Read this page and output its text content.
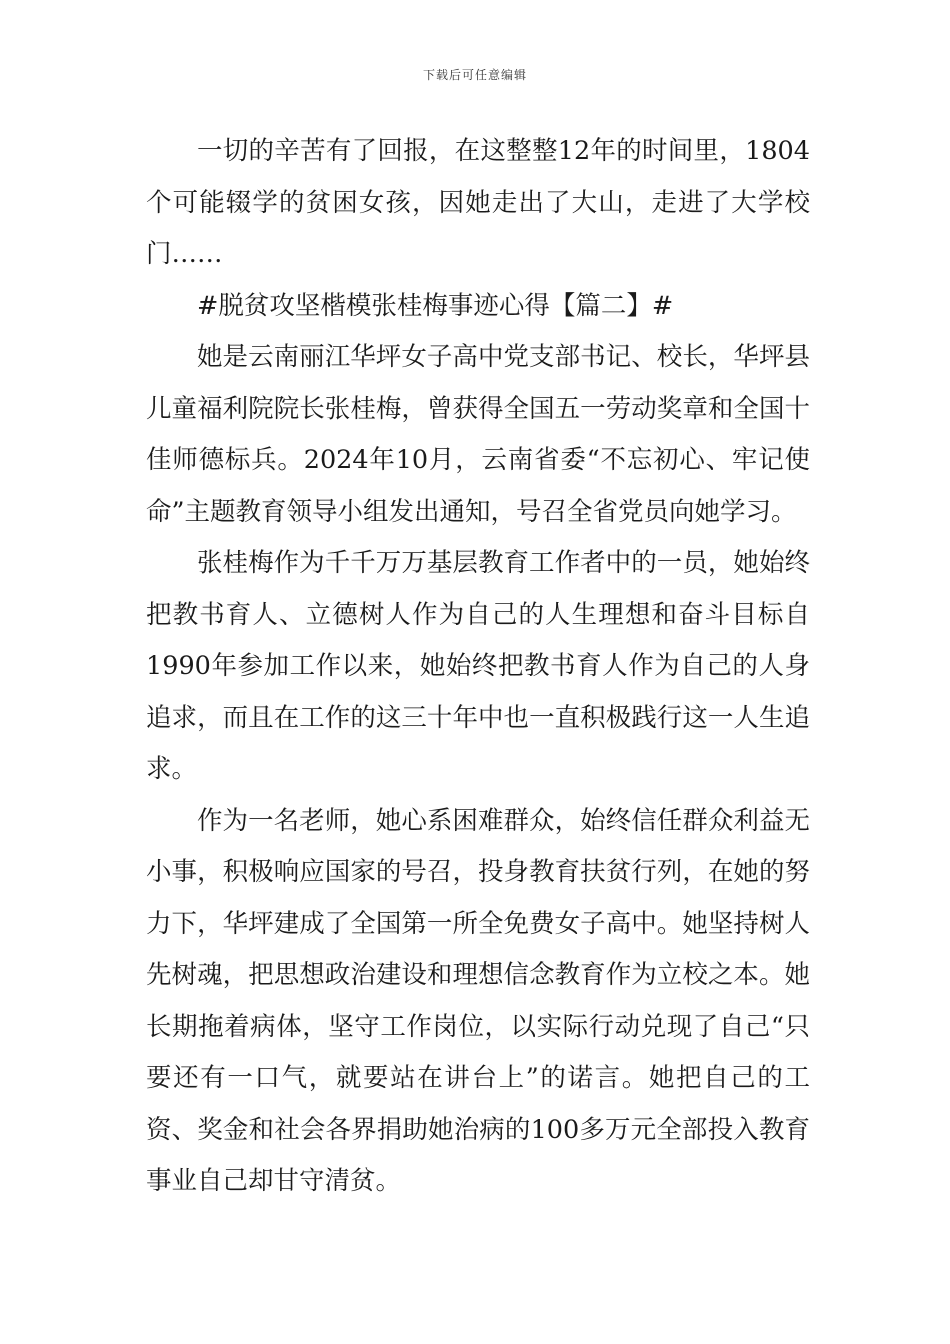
下载后可任意编辑

一切的辛苦有了回报，在这整整12年的时间里，1804个可能辍学的贫困女孩，因她走出了大山，走进了大学校门……

#脱贫攻坚楷模张桂梅事迹心得【篇二】#

她是云南丽江华坪女子高中党支部书记、校长，华坪县儿童福利院院长张桂梅，曾获得全国五一劳动奖章和全国十佳师德标兵。2024年10月，云南省委“不忘初心、牢记使命”主题教育领导小组发出通知，号召全省党员向她学习。

张桂梅作为千千万万基层教育工作者中的一员，她始终把教书育人、立德树人作为自己的人生理想和奋斗目标自1990年参加工作以来，她始终把教书育人作为自己的人身追求，而且在工作的这三十年中也一直积极践行这一人生追求。

作为一名老师，她心系困难群众，始终信任群众利益无小事，积极响应国家的号召，投身教育扶贫行列，在她的努力下，华坪建成了全国第一所全免费女子高中。她坚持树人先树魂，把思想政治建设和理想信念教育作为立校之本。她长期拖着病体，坚守工作岗位，以实际行动兑现了自己“只要还有一口气，就要站在讲台上”的诺言。她把自己的工资、奖金和社会各界捐助她治病的100多万元全部投入教育事业自己却甘守清贫。
